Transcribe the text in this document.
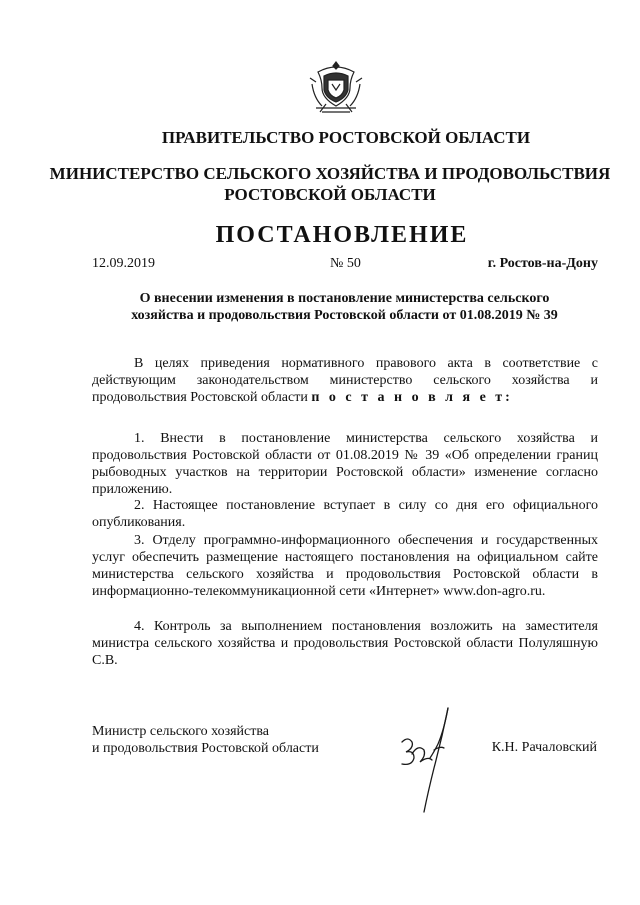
ПРАВИТЕЛЬСТВО РОСТОВСКОЙ ОБЛАСТИ
МИНИСТЕРСТВО СЕЛЬСКОГО ХОЗЯЙСТВА И ПРОДОВОЛЬСТВИЯ
РОСТОВСКОЙ ОБЛАСТИ
ПОСТАНОВЛЕНИЕ
12.09.2019	№ 50	г. Ростов-на-Дону
О внесении изменения в постановление министерства сельского
хозяйства и продовольствия Ростовской области от 01.08.2019 № 39
В целях приведения нормативного правового акта в соответствие с действующим законодательством министерство сельского хозяйства и продовольствия Ростовской области п о с т а н о в л я е т:
1. Внести в постановление министерства сельского хозяйства и продовольствия Ростовской области от 01.08.2019 № 39 «Об определении границ рыбоводных участков на территории Ростовской области» изменение согласно приложению.
2. Настоящее постановление вступает в силу со дня его официального опубликования.
3. Отделу программно-информационного обеспечения и государственных услуг обеспечить размещение настоящего постановления на официальном сайте министерства сельского хозяйства и продовольствия Ростовской области в информационно-телекоммуникационной сети «Интернет» www.don-agro.ru.
4. Контроль за выполнением постановления возложить на заместителя министра сельского хозяйства и продовольствия Ростовской области Полуляшную С.В.
Министр сельского хозяйства
и продовольствия Ростовской области	К.Н. Рачаловский
